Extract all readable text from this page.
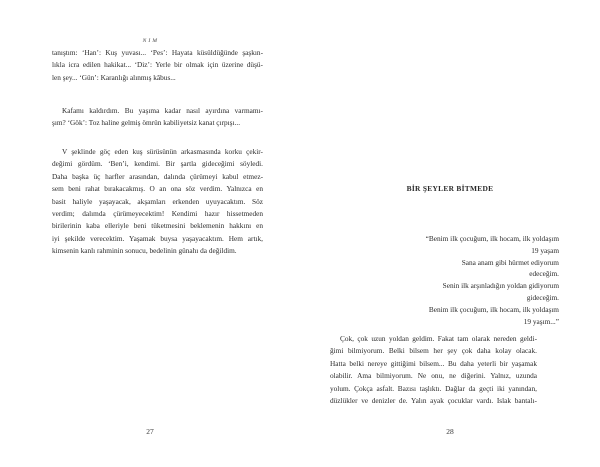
N I M

tanıştım: ‘Han’: Kuş yuvası... ‘Pes’: Hayata küsüldüğünde şaşkın-
lıkla icra edilen hakikat... ‘Diz’: Yerle bir olmak için üzerine düşü-
len şey... ‘Gün’: Karanlığı alınmış kâbus...

Kafamı kaldırdım. Bu yaşıma kadar nasıl ayırdına varmamı-
şım? ‘Gök’: Toz haline gelmiş ömrün kabiliyetsiz kanat çırpışı...

V şeklinde göç eden kuş sürüsünün arkasmasında korku çekir-
değimi gördüm. ‘Ben’i, kendimi. Bir şartla gideceğimi söyledi.
Daha başka üç harfler arasından, dalında çürümeyi kabul etmez-
sem beni rahat bırakacakmış. O an ona söz verdim. Yalnızca en
basit haliyle yaşayacak, akşamları erkenden uyuyacaktım. Söz
verdim; dalımda çürümeyecektim! Kendimi hazır hissetmeden
birilerinin kaba elleriyle beni tüketmesini beklemenin hakkını en
iyi şekilde verecektim. Yaşamak buysa yaşayacaktım. Hem artık,
kimsenin kanlı rahminin sonucu, bedelinin günahı da değildim.

27
BİR ŞEYLER BİTMEDE

“Benim ilk çocuğum, ilk hocam, ilk yoldaşım
19 yaşam
Sana anam gibi hürmet ediyorum
edeceğim.
Senin ilk arşınladığın yoldan gidiyorum
gideceğim.
Benim ilk çocuğum, ilk hocam, ilk yoldaşım
19 yaşım...”

Çok, çok uzun yoldan geldim. Fakat tam olarak nereden geldi-
ğimi bilmiyorum. Belki bilsem her şey çok daha kolay olacak.
Hatta belki nereye gittiğimi bilsem... Bu daha yeterli bir yaşamak
olabilir. Ama bilmiyorum. Ne onu, ne diğerini. Yalnız, uzunda
yolum. Çokça asfalt. Bazısı taşlıktı. Dağlar da geçti iki yanından,
düzlükler ve denizler de. Yalın ayak çocuklar vardı. Islak bantalı-

28
